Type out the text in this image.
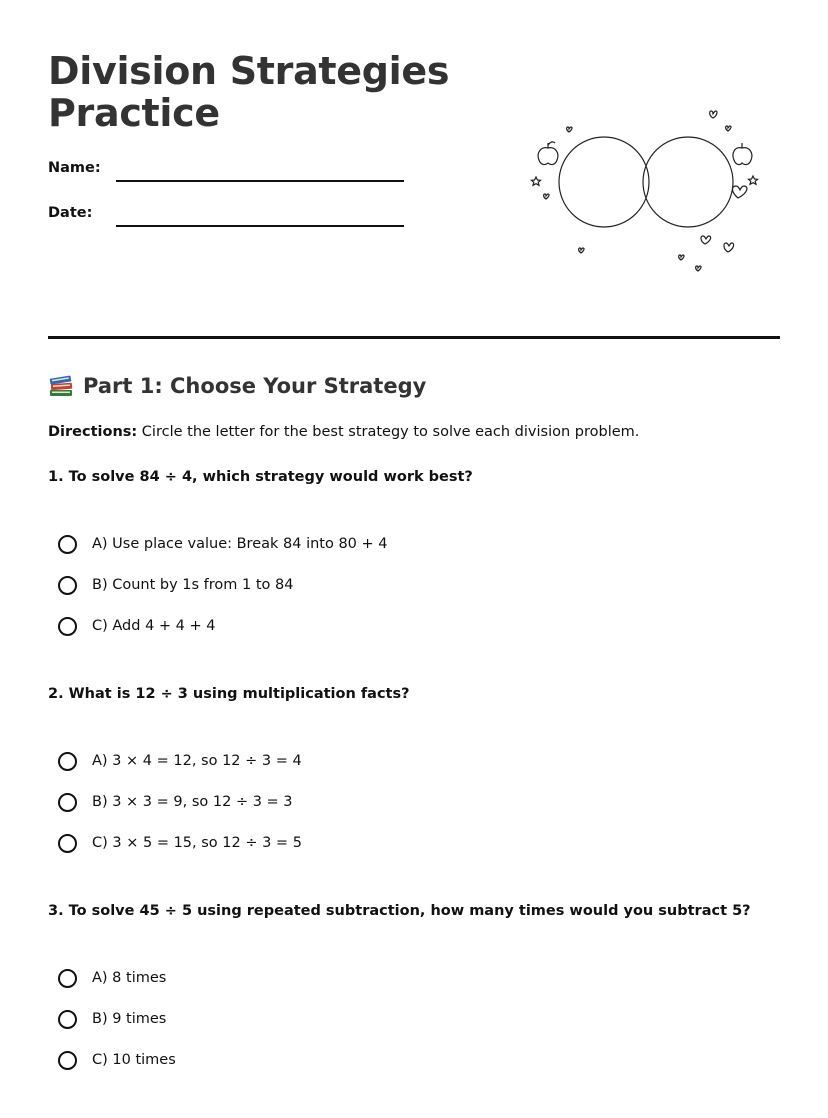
Division Strategies
Practice
Name:
Date:
Part 1: Choose Your Strategy
Directions: Circle the letter for the best strategy to solve each division problem.
1. To solve 84 ÷ 4, which strategy would work best?
A) Use place value: Break 84 into 80 + 4
B) Count by 1s from 1 to 84
C) Add 4 + 4 + 4
2. What is 12 ÷ 3 using multiplication facts?
A) 3 × 4 = 12, so 12 ÷ 3 = 4
B) 3 × 3 = 9, so 12 ÷ 3 = 3
C) 3 × 5 = 15, so 12 ÷ 3 = 5
3. To solve 45 ÷ 5 using repeated subtraction, how many times would you subtract 5?
A) 8 times
B) 9 times
C) 10 times
